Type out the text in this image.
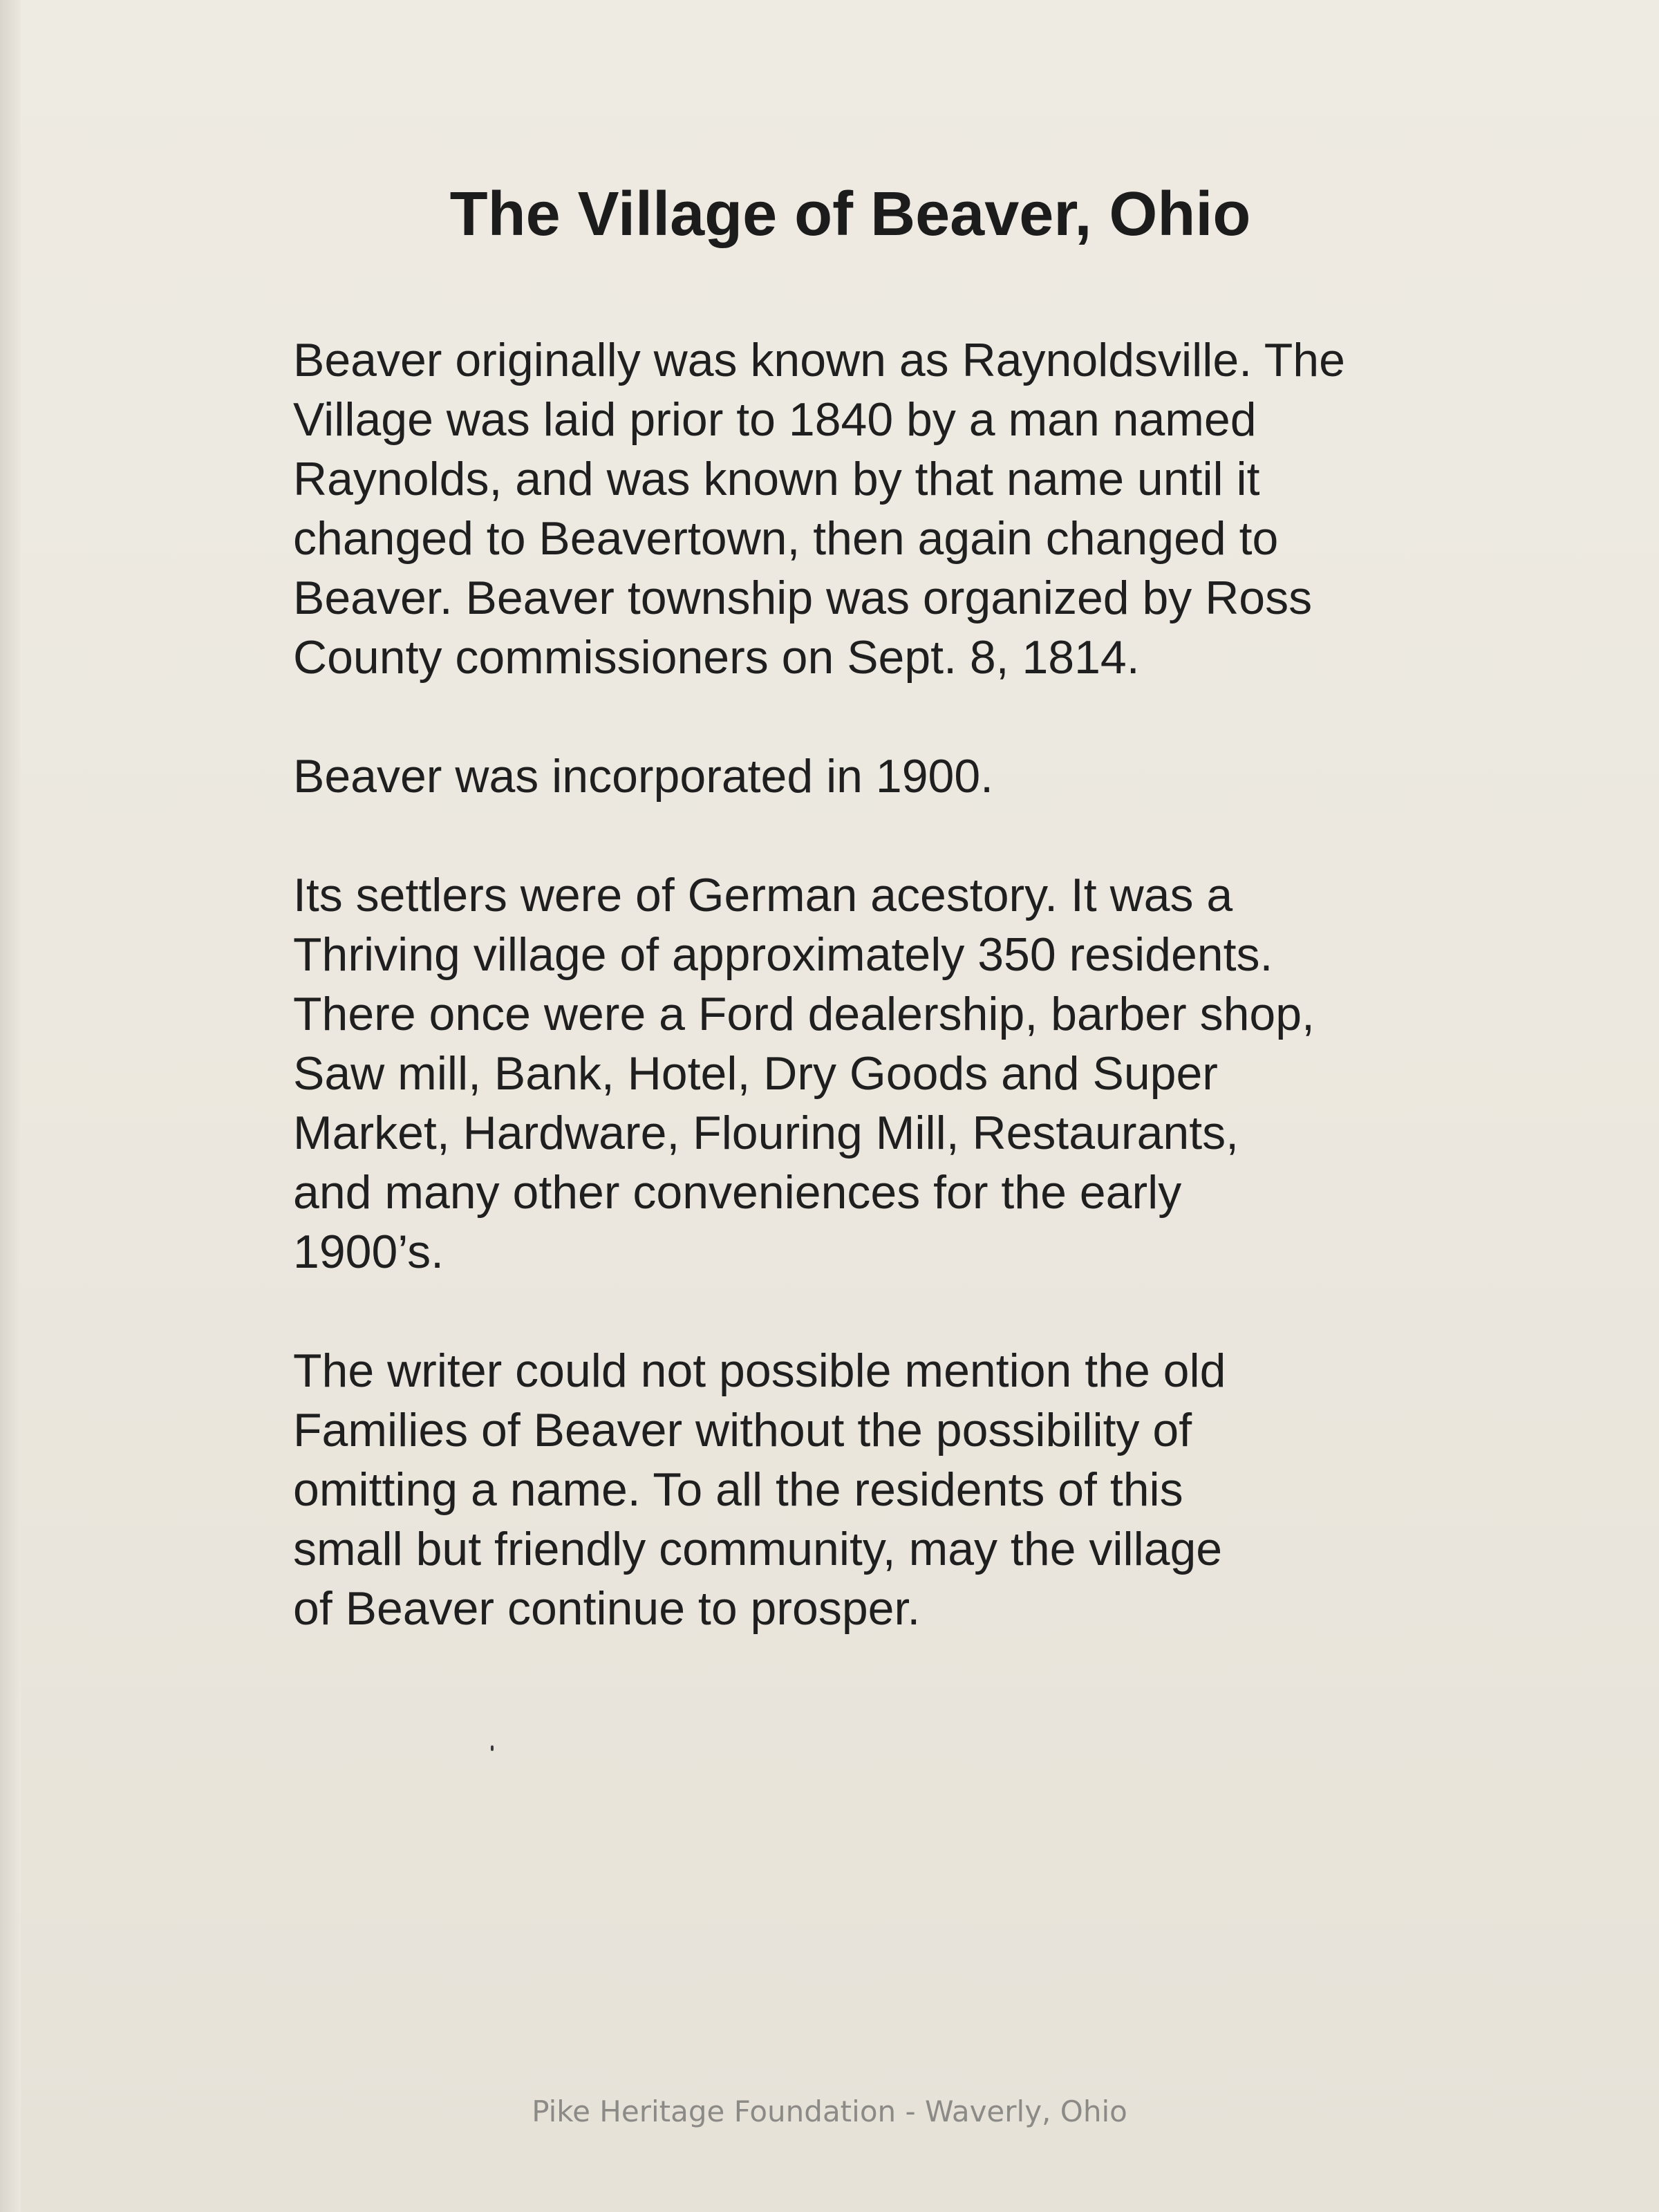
The Village of Beaver, Ohio

Beaver originally was known as Raynoldsville. The
Village was laid prior to 1840 by a man named
Raynolds, and was known by that name until it
changed to Beavertown, then again changed to
Beaver. Beaver township was organized by Ross
County commissioners on Sept. 8, 1814.

Beaver was incorporated in 1900.

Its settlers were of German acestory. It was a
Thriving village of approximately 350 residents.
There once were a Ford dealership, barber shop,
Saw mill, Bank, Hotel, Dry Goods and Super
Market, Hardware, Flouring Mill, Restaurants,
and many other conveniences for the early
1900’s.

The writer could not possible mention the old
Families of Beaver without the possibility of
omitting a name. To all the residents of this
small but friendly community, may the village
of Beaver continue to prosper.

Pike Heritage Foundation - Waverly, Ohio
